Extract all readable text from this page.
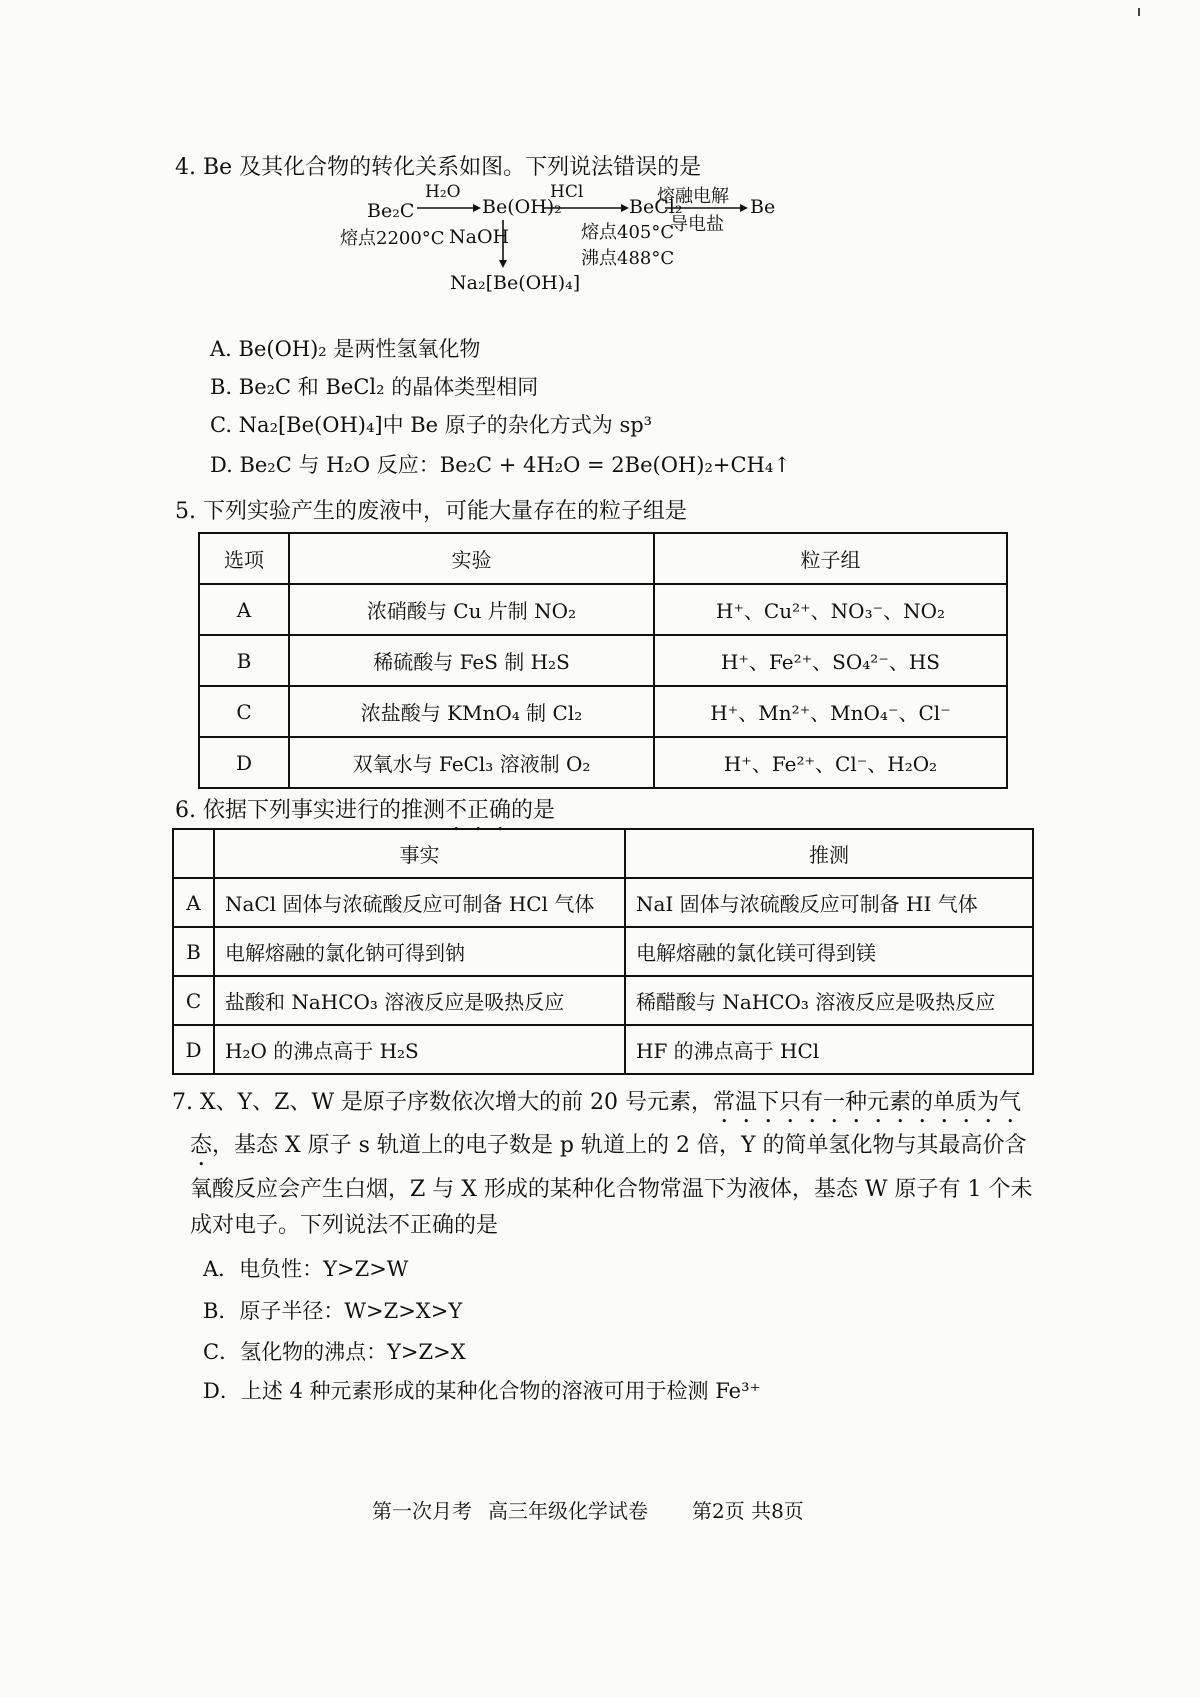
4. Be 及其化合物的转化关系如图。下列说法错误的是
Be₂C
熔点2200°C
H₂O
Be(OH)₂
HCl
BeCl₂
熔点405°C
沸点488°C
熔融电解
导电盐
Be
NaOH
Na₂[Be(OH)₄]
A. Be(OH)₂ 是两性氢氧化物
B. Be₂C 和 BeCl₂ 的晶体类型相同
C. Na₂[Be(OH)₄]中 Be 原子的杂化方式为 sp³
D. Be₂C 与 H₂O 反应：Be₂C + 4H₂O = 2Be(OH)₂+CH₄↑
5. 下列实验产生的废液中，可能大量存在的粒子组是
选项	实验	粒子组
A	浓硝酸与 Cu 片制 NO₂	H⁺、Cu²⁺、NO₃⁻、NO₂
B	稀硫酸与 FeS 制 H₂S	H⁺、Fe²⁺、SO₄²⁻、HS
C	浓盐酸与 KMnO₄ 制 Cl₂	H⁺、Mn²⁺、MnO₄⁻、Cl⁻
D	双氧水与 FeCl₃ 溶液制 O₂	H⁺、Fe²⁺、Cl⁻、H₂O₂
6. 依据下列事实进行的推测不正确的是
	事实	推测
A	NaCl 固体与浓硫酸反应可制备 HCl 气体	NaI 固体与浓硫酸反应可制备 HI 气体
B	电解熔融的氯化钠可得到钠	电解熔融的氯化镁可得到镁
C	盐酸和 NaHCO₃ 溶液反应是吸热反应	稀醋酸与 NaHCO₃ 溶液反应是吸热反应
D	H₂O 的沸点高于 H₂S	HF 的沸点高于 HCl
7. X、Y、Z、W 是原子序数依次增大的前 20 号元素，常温下只有一种元素的单质为气
态，基态 X 原子 s 轨道上的电子数是 p 轨道上的 2 倍，Y 的简单氢化物与其最高价含
氧酸反应会产生白烟，Z 与 X 形成的某种化合物常温下为液体，基态 W 原子有 1 个未
成对电子。下列说法不正确的是
A．电负性：Y>Z>W
B．原子半径：W>Z>X>Y
C．氢化物的沸点：Y>Z>X
D．上述 4 种元素形成的某种化合物的溶液可用于检测 Fe³⁺
第一次月考 高三年级化学试卷 第2页 共8页
